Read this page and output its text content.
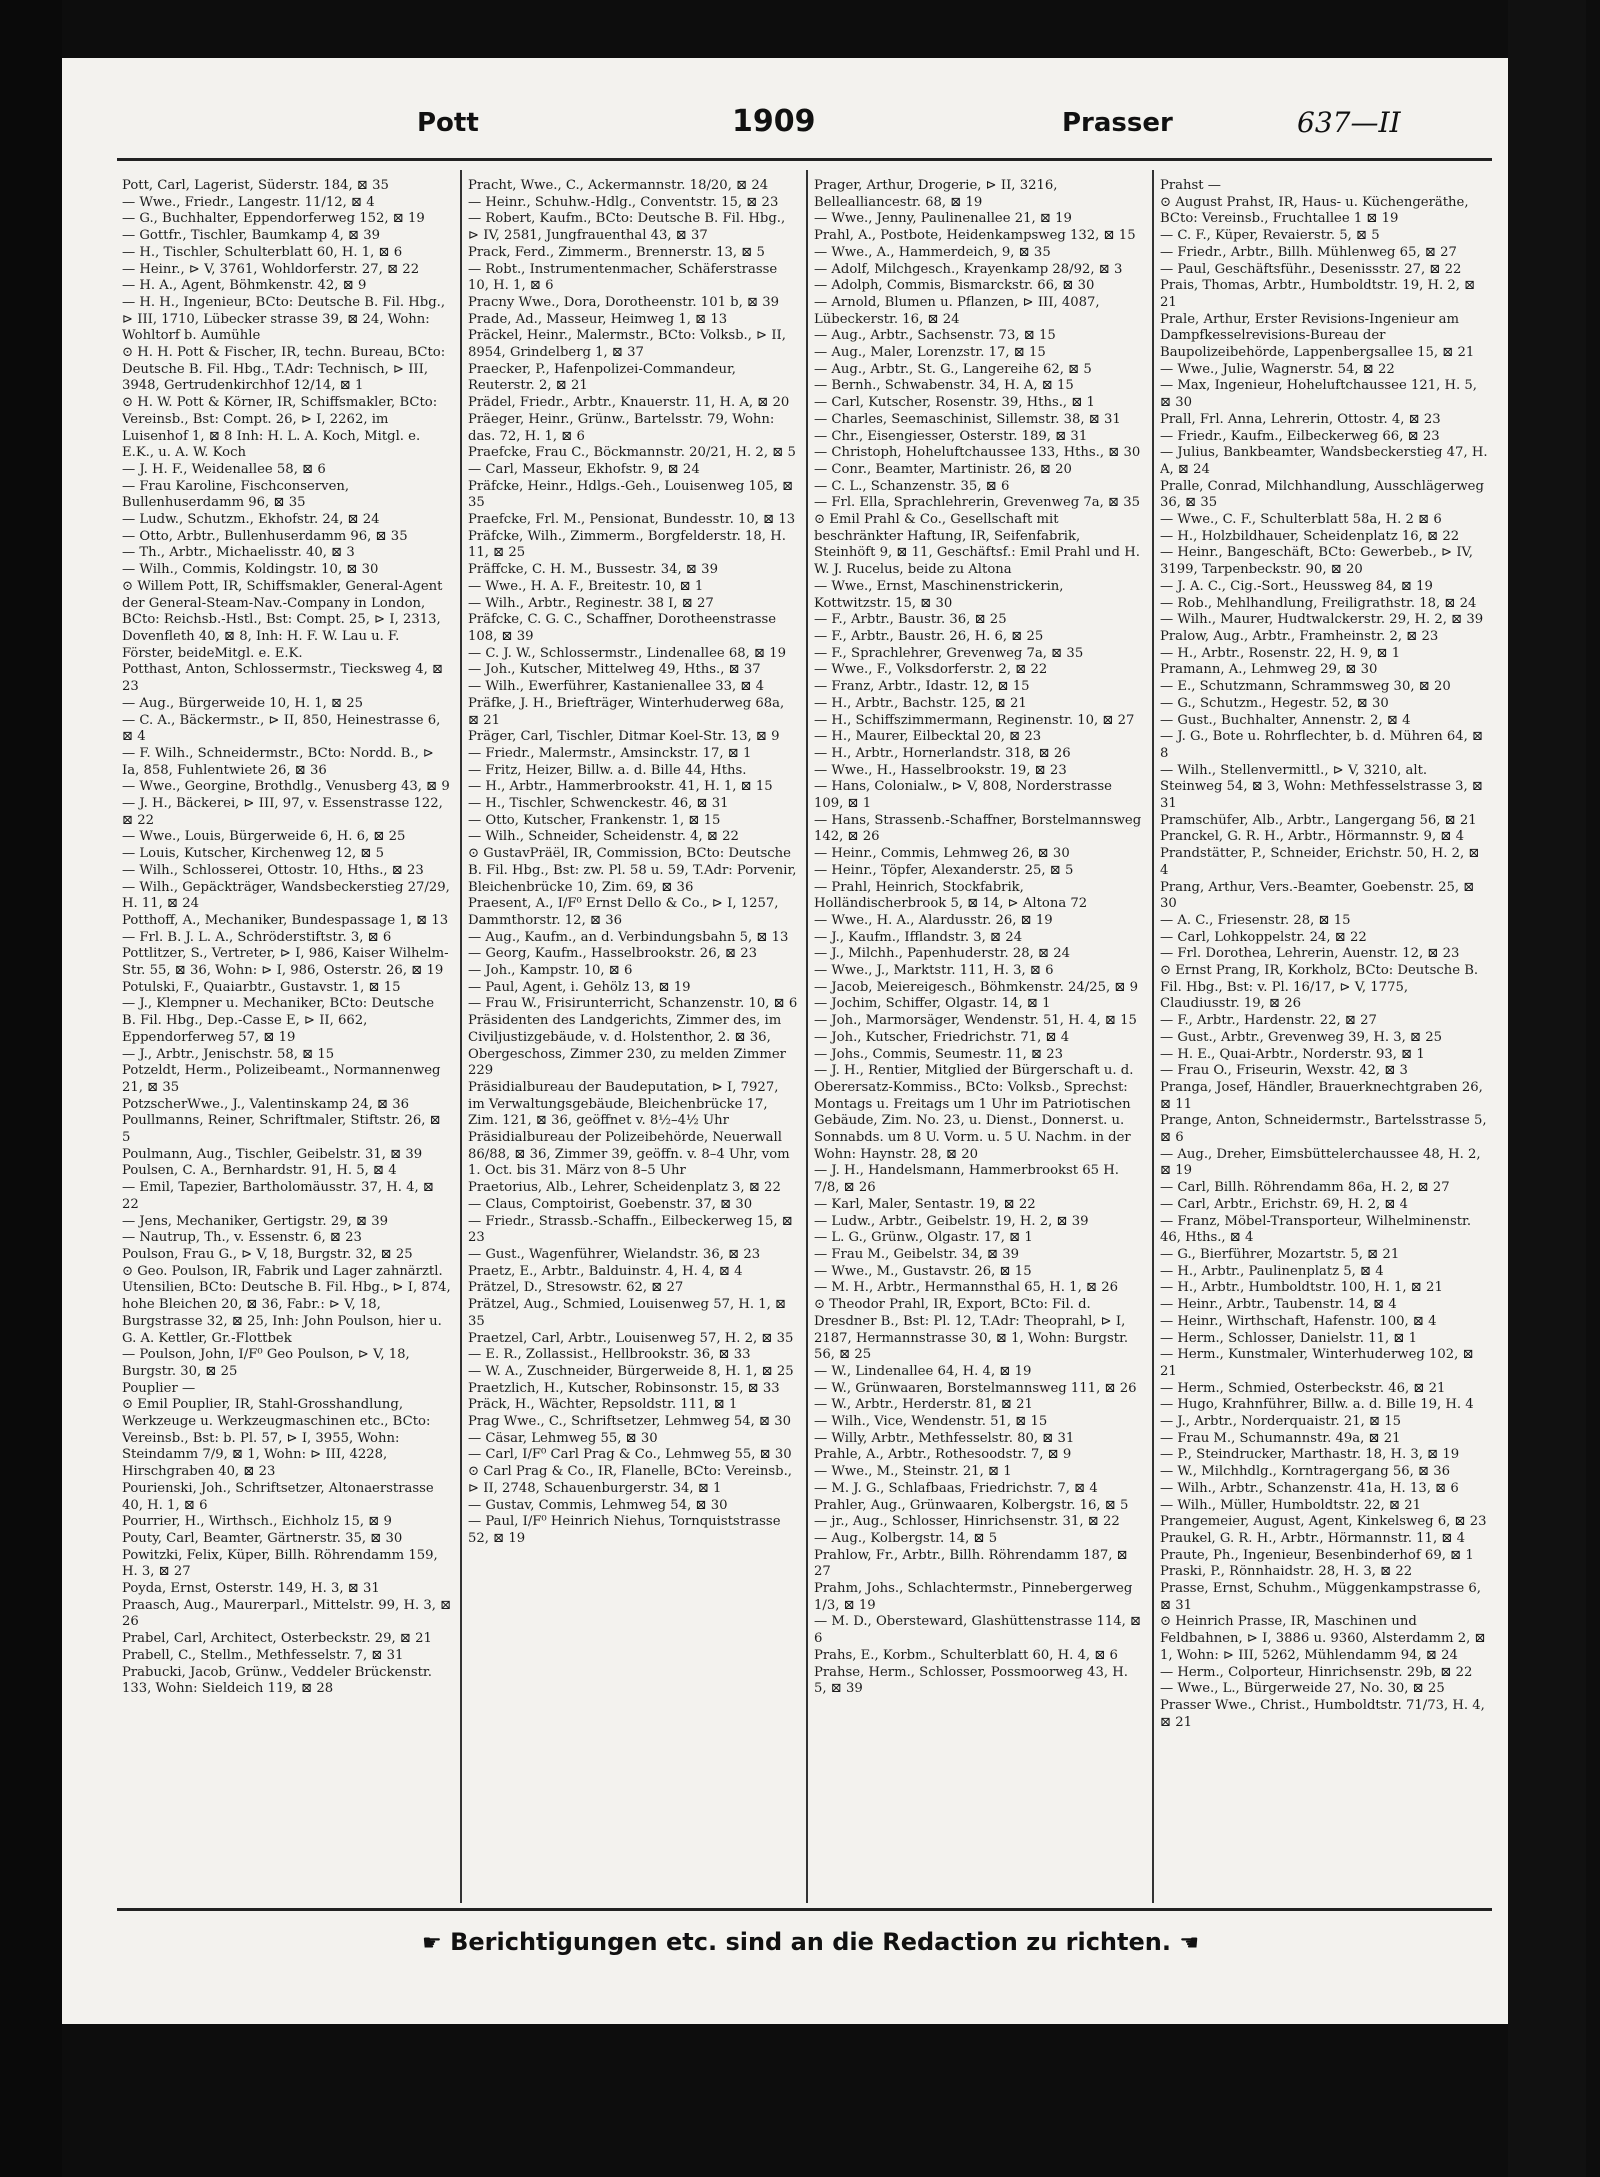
Pott	1909	Prasser	637—II

Pott, Carl, Lagerist, Süderstr. 184, ⊠ 35

— Wwe., Friedr., Langestr. 11/12, ⊠ 4

— G., Buchhalter, Eppendorferweg 152, ⊠ 19

— Gottfr., Tischler, Baumkamp 4, ⊠ 39

— H., Tischler, Schulterblatt 60, H. 1, ⊠ 6

— Heinr., ⊳ V, 3761, Wohldorferstr. 27, ⊠ 22

— H. A., Agent, Böhmkenstr. 42, ⊠ 9

— H. H., Ingenieur, BCto: Deutsche B. Fil. Hbg., ⊳ III, 1710, Lübecker strasse 39, ⊠ 24, Wohn: Wohltorf b. Aumühle

⊙ H. H. Pott & Fischer, IR, techn. Bureau, BCto: Deutsche B. Fil. Hbg., T.Adr: Technisch, ⊳ III, 3948, Gertrudenkirchhof 12/14, ⊠ 1

⊙ H. W. Pott & Körner, IR, Schiffsmakler, BCto: Vereinsb., Bst: Compt. 26, ⊳ I, 2262, im Luisenhof 1, ⊠ 8 Inh: H. L. A. Koch, Mitgl. e. E.K., u. A. W. Koch

— J. H. F., Weidenallee 58, ⊠ 6

— Frau Karoline, Fischconserven, Bullenhuserdamm 96, ⊠ 35

— Ludw., Schutzm., Ekhofstr. 24, ⊠ 24

— Otto, Arbtr., Bullenhuserdamm 96, ⊠ 35

— Th., Arbtr., Michaelisstr. 40, ⊠ 3

— Wilh., Commis, Koldingstr. 10, ⊠ 30

⊙ Willem Pott, IR, Schiffsmakler, General-Agent der General-Steam-Nav.-Company in London, BCto: Reichsb.-Hstl., Bst: Compt. 25, ⊳ I, 2313, Dovenfleth 40, ⊠ 8, Inh: H. F. W. Lau u. F. Förster, beideMitgl. e. E.K.

Potthast, Anton, Schlossermstr., Tiecksweg 4, ⊠ 23

— Aug., Bürgerweide 10, H. 1, ⊠ 25

— C. A., Bäckermstr., ⊳ II, 850, Heinestrasse 6, ⊠ 4

— F. Wilh., Schneidermstr., BCto: Nordd. B., ⊳ Ia, 858, Fuhlentwiete 26, ⊠ 36

— Wwe., Georgine, Brothdlg., Venusberg 43, ⊠ 9

— J. H., Bäckerei, ⊳ III, 97, v. Essenstrasse 122, ⊠ 22

— Wwe., Louis, Bürgerweide 6, H. 6, ⊠ 25

— Louis, Kutscher, Kirchenweg 12, ⊠ 5

— Wilh., Schlosserei, Ottostr. 10, Hths., ⊠ 23

— Wilh., Gepäckträger, Wandsbeckerstieg 27/29, H. 11, ⊠ 24

Potthoff, A., Mechaniker, Bundespassage 1, ⊠ 13

— Frl. B. J. L. A., Schröderstiftstr. 3, ⊠ 6

Pottlitzer, S., Vertreter, ⊳ I, 986, Kaiser Wilhelm-Str. 55, ⊠ 36, Wohn: ⊳ I, 986, Osterstr. 26, ⊠ 19

Potulski, F., Quaiarbtr., Gustavstr. 1, ⊠ 15

— J., Klempner u. Mechaniker, BCto: Deutsche B. Fil. Hbg., Dep.-Casse E, ⊳ II, 662, Eppendorferweg 57, ⊠ 19

— J., Arbtr., Jenischstr. 58, ⊠ 15

Potzeldt, Herm., Polizeibeamt., Normannenweg 21, ⊠ 35

PotzscherWwe., J., Valentinskamp 24, ⊠ 36

Poullmanns, Reiner, Schriftmaler, Stiftstr. 26, ⊠ 5

Poulmann, Aug., Tischler, Geibelstr. 31, ⊠ 39

Poulsen, C. A., Bernhardstr. 91, H. 5, ⊠ 4

— Emil, Tapezier, Bartholomäusstr. 37, H. 4, ⊠ 22

— Jens, Mechaniker, Gertigstr. 29, ⊠ 39

— Nautrup, Th., v. Essenstr. 6, ⊠ 23

Poulson, Frau G., ⊳ V, 18, Burgstr. 32, ⊠ 25

⊙ Geo. Poulson, IR, Fabrik und Lager zahnärztl. Utensilien, BCto: Deutsche B. Fil. Hbg., ⊳ I, 874, hohe Bleichen 20, ⊠ 36, Fabr.: ⊳ V, 18, Burgstrasse 32, ⊠ 25, Inh: John Poulson, hier u. G. A. Kettler, Gr.-Flottbek

— Poulson, John, I/F⁰ Geo Poulson, ⊳ V, 18, Burgstr. 30, ⊠ 25

Pouplier —

⊙ Emil Pouplier, IR, Stahl-Grosshandlung, Werkzeuge u. Werkzeugmaschinen etc., BCto: Vereinsb., Bst: b. Pl. 57, ⊳ I, 3955, Wohn: Steindamm 7/9, ⊠ 1, Wohn: ⊳ III, 4228, Hirschgraben 40, ⊠ 23

Pourienski, Joh., Schriftsetzer, Altonaerstrasse 40, H. 1, ⊠ 6

Pourrier, H., Wirthsch., Eichholz 15, ⊠ 9

Pouty, Carl, Beamter, Gärtnerstr. 35, ⊠ 30

Powitzki, Felix, Küper, Billh. Röhrendamm 159, H. 3, ⊠ 27

Poyda, Ernst, Osterstr. 149, H. 3, ⊠ 31

Praasch, Aug., Maurerparl., Mittelstr. 99, H. 3, ⊠ 26

Prabel, Carl, Architect, Osterbeckstr. 29, ⊠ 21

Prabell, C., Stellm., Methfesselstr. 7, ⊠ 31

Prabucki, Jacob, Grünw., Veddeler Brückenstr. 133, Wohn: Sieldeich 119, ⊠ 28

Pracht, Wwe., C., Ackermannstr. 18/20, ⊠ 24

— Heinr., Schuhw.-Hdlg., Conventstr. 15, ⊠ 23

— Robert, Kaufm., BCto: Deutsche B. Fil. Hbg., ⊳ IV, 2581, Jungfrauenthal 43, ⊠ 37

Prack, Ferd., Zimmerm., Brennerstr. 13, ⊠ 5

— Robt., Instrumentenmacher, Schäferstrasse 10, H. 1, ⊠ 6

Pracny Wwe., Dora, Dorotheenstr. 101 b, ⊠ 39

Prade, Ad., Masseur, Heimweg 1, ⊠ 13

Präckel, Heinr., Malermstr., BCto: Volksb., ⊳ II, 8954, Grindelberg 1, ⊠ 37

Praecker, P., Hafenpolizei-Commandeur, Reuterstr. 2, ⊠ 21

Prädel, Friedr., Arbtr., Knauerstr. 11, H. A, ⊠ 20

Präeger, Heinr., Grünw., Bartelsstr. 79, Wohn: das. 72, H. 1, ⊠ 6

Praefcke, Frau C., Böckmannstr. 20/21, H. 2, ⊠ 5

— Carl, Masseur, Ekhofstr. 9, ⊠ 24

Präfcke, Heinr., Hdlgs.-Geh., Louisenweg 105, ⊠ 35

Praefcke, Frl. M., Pensionat, Bundesstr. 10, ⊠ 13

Präfcke, Wilh., Zimmerm., Borgfelderstr. 18, H. 11, ⊠ 25

Präffcke, C. H. M., Bussestr. 34, ⊠ 39

— Wwe., H. A. F., Breitestr. 10, ⊠ 1

— Wilh., Arbtr., Reginestr. 38 I, ⊠ 27

Präfcke, C. G. C., Schaffner, Dorotheenstrasse 108, ⊠ 39

— C. J. W., Schlossermstr., Lindenallee 68, ⊠ 19

— Joh., Kutscher, Mittelweg 49, Hths., ⊠ 37

— Wilh., Ewerführer, Kastanienallee 33, ⊠ 4

Präfke, J. H., Briefträger, Winterhuderweg 68a, ⊠ 21

Präger, Carl, Tischler, Ditmar Koel-Str. 13, ⊠ 9

— Friedr., Malermstr., Amsinckstr. 17, ⊠ 1

— Fritz, Heizer, Billw. a. d. Bille 44, Hths.

— H., Arbtr., Hammerbrookstr. 41, H. 1, ⊠ 15

— H., Tischler, Schwenckestr. 46, ⊠ 31

— Otto, Kutscher, Frankenstr. 1, ⊠ 15

— Wilh., Schneider, Scheidenstr. 4, ⊠ 22

⊙ GustavPräël, IR, Commission, BCto: Deutsche B. Fil. Hbg., Bst: zw. Pl. 58 u. 59, T.Adr: Porvenir, Bleichenbrücke 10, Zim. 69, ⊠ 36

Praesent, A., I/F⁰ Ernst Dello & Co., ⊳ I, 1257, Dammthorstr. 12, ⊠ 36

— Aug., Kaufm., an d. Verbindungsbahn 5, ⊠ 13

— Georg, Kaufm., Hasselbrookstr. 26, ⊠ 23

— Joh., Kampstr. 10, ⊠ 6

— Paul, Agent, i. Gehölz 13, ⊠ 19

— Frau W., Frisirunterricht, Schanzenstr. 10, ⊠ 6

Präsidenten des Landgerichts, Zimmer des, im Civiljustizgebäude, v. d. Holstenthor, 2. ⊠ 36, Obergeschoss, Zimmer 230, zu melden Zimmer 229

Präsidialbureau der Baudeputation, ⊳ I, 7927, im Verwaltungsgebäude, Bleichenbrücke 17, Zim. 121, ⊠ 36, geöffnet v. 8½–4½ Uhr

Präsidialbureau der Polizeibehörde, Neuerwall 86/88, ⊠ 36, Zimmer 39, geöffn. v. 8–4 Uhr, vom 1. Oct. bis 31. März von 8–5 Uhr

Praetorius, Alb., Lehrer, Scheidenplatz 3, ⊠ 22

— Claus, Comptoirist, Goebenstr. 37, ⊠ 30

— Friedr., Strassb.-Schaffn., Eilbeckerweg 15, ⊠ 23

— Gust., Wagenführer, Wielandstr. 36, ⊠ 23

Praetz, E., Arbtr., Balduinstr. 4, H. 4, ⊠ 4

Prätzel, D., Stresowstr. 62, ⊠ 27

Prätzel, Aug., Schmied, Louisenweg 57, H. 1, ⊠ 35

Praetzel, Carl, Arbtr., Louisenweg 57, H. 2, ⊠ 35

— E. R., Zollassist., Hellbrookstr. 36, ⊠ 33

— W. A., Zuschneider, Bürgerweide 8, H. 1, ⊠ 25

Praetzlich, H., Kutscher, Robinsonstr. 15, ⊠ 33

Präck, H., Wächter, Repsoldstr. 111, ⊠ 1

Prag Wwe., C., Schriftsetzer, Lehmweg 54, ⊠ 30

— Cäsar, Lehmweg 55, ⊠ 30

— Carl, I/F⁰ Carl Prag & Co., Lehmweg 55, ⊠ 30

⊙ Carl Prag & Co., IR, Flanelle, BCto: Vereinsb., ⊳ II, 2748, Schauenburgerstr. 34, ⊠ 1

— Gustav, Commis, Lehmweg 54, ⊠ 30

— Paul, I/F⁰ Heinrich Niehus, Tornquiststrasse 52, ⊠ 19

Prager, Arthur, Drogerie, ⊳ II, 3216, Bellealliancestr. 68, ⊠ 19

— Wwe., Jenny, Paulinenallee 21, ⊠ 19

Prahl, A., Postbote, Heidenkampsweg 132, ⊠ 15

— Wwe., A., Hammerdeich, 9, ⊠ 35

— Adolf, Milchgesch., Krayenkamp 28/92, ⊠ 3

— Adolph, Commis, Bismarckstr. 66, ⊠ 30

— Arnold, Blumen u. Pflanzen, ⊳ III, 4087, Lübeckerstr. 16, ⊠ 24

— Aug., Arbtr., Sachsenstr. 73, ⊠ 15

— Aug., Maler, Lorenzstr. 17, ⊠ 15

— Aug., Arbtr., St. G., Langereihe 62, ⊠ 5

— Bernh., Schwabenstr. 34, H. A, ⊠ 15

— Carl, Kutscher, Rosenstr. 39, Hths., ⊠ 1

— Charles, Seemaschinist, Sillemstr. 38, ⊠ 31

— Chr., Eisengiesser, Osterstr. 189, ⊠ 31

— Christoph, Hoheluftchaussee 133, Hths., ⊠ 30

— Conr., Beamter, Martinistr. 26, ⊠ 20

— C. L., Schanzenstr. 35, ⊠ 6

— Frl. Ella, Sprachlehrerin, Grevenweg 7a, ⊠ 35

⊙ Emil Prahl & Co., Gesellschaft mit beschränkter Haftung, IR, Seifenfabrik, Steinhöft 9, ⊠ 11, Geschäftsf.: Emil Prahl und H. W. J. Rucelus, beide zu Altona

— Wwe., Ernst, Maschinenstrickerin, Kottwitzstr. 15, ⊠ 30

— F., Arbtr., Baustr. 36, ⊠ 25

— F., Arbtr., Baustr. 26, H. 6, ⊠ 25

— F., Sprachlehrer, Grevenweg 7a, ⊠ 35

— Wwe., F., Volksdorferstr. 2, ⊠ 22

— Franz, Arbtr., Idastr. 12, ⊠ 15

— H., Arbtr., Bachstr. 125, ⊠ 21

— H., Schiffszimmermann, Reginenstr. 10, ⊠ 27

— H., Maurer, Eilbecktal 20, ⊠ 23

— H., Arbtr., Hornerlandstr. 318, ⊠ 26

— Wwe., H., Hasselbrookstr. 19, ⊠ 23

— Hans, Colonialw., ⊳ V, 808, Norderstrasse 109, ⊠ 1

— Hans, Strassenb.-Schaffner, Borstelmannsweg 142, ⊠ 26

— Heinr., Commis, Lehmweg 26, ⊠ 30

— Heinr., Töpfer, Alexanderstr. 25, ⊠ 5

— Prahl, Heinrich, Stockfabrik, Holländischerbrook 5, ⊠ 14, ⊳ Altona 72

— Wwe., H. A., Alardusstr. 26, ⊠ 19

— J., Kaufm., Ifflandstr. 3, ⊠ 24

— J., Milchh., Papenhuderstr. 28, ⊠ 24

— Wwe., J., Marktstr. 111, H. 3, ⊠ 6

— Jacob, Meiereigesch., Böhmkenstr. 24/25, ⊠ 9

— Jochim, Schiffer, Olgastr. 14, ⊠ 1

— Joh., Marmorsäger, Wendenstr. 51, H. 4, ⊠ 15

— Joh., Kutscher, Friedrichstr. 71, ⊠ 4

— Johs., Commis, Seumestr. 11, ⊠ 23

— J. H., Rentier, Mitglied der Bürgerschaft u. d. Oberersatz-Kommiss., BCto: Volksb., Sprechst: Montags u. Freitags um 1 Uhr im Patriotischen Gebäude, Zim. No. 23, u. Dienst., Donnerst. u. Sonnabds. um 8 U. Vorm. u. 5 U. Nachm. in der Wohn: Haynstr. 28, ⊠ 20

— J. H., Handelsmann, Hammerbrookst 65 H. 7/8, ⊠ 26

— Karl, Maler, Sentastr. 19, ⊠ 22

— Ludw., Arbtr., Geibelstr. 19, H. 2, ⊠ 39

— L. G., Grünw., Olgastr. 17, ⊠ 1

— Frau M., Geibelstr. 34, ⊠ 39

— Wwe., M., Gustavstr. 26, ⊠ 15

— M. H., Arbtr., Hermannsthal 65, H. 1, ⊠ 26

⊙ Theodor Prahl, IR, Export, BCto: Fil. d. Dresdner B., Bst: Pl. 12, T.Adr: Theoprahl, ⊳ I, 2187, Hermannstrasse 30, ⊠ 1, Wohn: Burgstr. 56, ⊠ 25

— W., Lindenallee 64, H. 4, ⊠ 19

— W., Grünwaaren, Borstelmannsweg 111, ⊠ 26

— W., Arbtr., Herderstr. 81, ⊠ 21

— Wilh., Vice, Wendenstr. 51, ⊠ 15

— Willy, Arbtr., Methfesselstr. 80, ⊠ 31

Prahle, A., Arbtr., Rothesoodstr. 7, ⊠ 9

— Wwe., M., Steinstr. 21, ⊠ 1

— M. J. G., Schlafbaas, Friedrichstr. 7, ⊠ 4

Prahler, Aug., Grünwaaren, Kolbergstr. 16, ⊠ 5

— jr., Aug., Schlosser, Hinrichsenstr. 31, ⊠ 22

— Aug., Kolbergstr. 14, ⊠ 5

Prahlow, Fr., Arbtr., Billh. Röhrendamm 187, ⊠ 27

Prahm, Johs., Schlachtermstr., Pinnebergerweg 1/3, ⊠ 19

— M. D., Obersteward, Glashüttenstrasse 114, ⊠ 6

Prahs, E., Korbm., Schulterblatt 60, H. 4, ⊠ 6

Prahse, Herm., Schlosser, Possmoorweg 43, H. 5, ⊠ 39

Prahst —

⊙ August Prahst, IR, Haus- u. Küchengeräthe, BCto: Vereinsb., Fruchtallee 1 ⊠ 19

— C. F., Küper, Revaierstr. 5, ⊠ 5

— Friedr., Arbtr., Billh. Mühlenweg 65, ⊠ 27

— Paul, Geschäftsführ., Desenissstr. 27, ⊠ 22

Prais, Thomas, Arbtr., Humboldtstr. 19, H. 2, ⊠ 21

Prale, Arthur, Erster Revisions-Ingenieur am Dampfkesselrevisions-Bureau der Baupolizeibehörde, Lappenbergsallee 15, ⊠ 21

— Wwe., Julie, Wagnerstr. 54, ⊠ 22

— Max, Ingenieur, Hoheluftchaussee 121, H. 5, ⊠ 30

Prall, Frl. Anna, Lehrerin, Ottostr. 4, ⊠ 23

— Friedr., Kaufm., Eilbeckerweg 66, ⊠ 23

— Julius, Bankbeamter, Wandsbeckerstieg 47, H. A, ⊠ 24

Pralle, Conrad, Milchhandlung, Ausschlägerweg 36, ⊠ 35

— Wwe., C. F., Schulterblatt 58a, H. 2 ⊠ 6

— H., Holzbildhauer, Scheidenplatz 16, ⊠ 22

— Heinr., Bangeschäft, BCto: Gewerbeb., ⊳ IV, 3199, Tarpenbeckstr. 90, ⊠ 20

— J. A. C., Cig.-Sort., Heussweg 84, ⊠ 19

— Rob., Mehlhandlung, Freiligrathstr. 18, ⊠ 24

— Wilh., Maurer, Hudtwalckerstr. 29, H. 2, ⊠ 39

Pralow, Aug., Arbtr., Framheinstr. 2, ⊠ 23

— H., Arbtr., Rosenstr. 22, H. 9, ⊠ 1

Pramann, A., Lehmweg 29, ⊠ 30

— E., Schutzmann, Schrammsweg 30, ⊠ 20

— G., Schutzm., Hegestr. 52, ⊠ 30

— Gust., Buchhalter, Annenstr. 2, ⊠ 4

— J. G., Bote u. Rohrflechter, b. d. Mühren 64, ⊠ 8

— Wilh., Stellenvermittl., ⊳ V, 3210, alt. Steinweg 54, ⊠ 3, Wohn: Methfesselstrasse 3, ⊠ 31

Pramschüfer, Alb., Arbtr., Langergang 56, ⊠ 21

Pranckel, G. R. H., Arbtr., Hörmannstr. 9, ⊠ 4

Prandstätter, P., Schneider, Erichstr. 50, H. 2, ⊠ 4

Prang, Arthur, Vers.-Beamter, Goebenstr. 25, ⊠ 30

— A. C., Friesenstr. 28, ⊠ 15

— Carl, Lohkoppelstr. 24, ⊠ 22

— Frl. Dorothea, Lehrerin, Auenstr. 12, ⊠ 23

⊙ Ernst Prang, IR, Korkholz, BCto: Deutsche B. Fil. Hbg., Bst: v. Pl. 16/17, ⊳ V, 1775, Claudiusstr. 19, ⊠ 26

— F., Arbtr., Hardenstr. 22, ⊠ 27

— Gust., Arbtr., Grevenweg 39, H. 3, ⊠ 25

— H. E., Quai-Arbtr., Norderstr. 93, ⊠ 1

— Frau O., Friseurin, Wexstr. 42, ⊠ 3

Pranga, Josef, Händler, Brauerknechtgraben 26, ⊠ 11

Prange, Anton, Schneidermstr., Bartelsstrasse 5, ⊠ 6

— Aug., Dreher, Eimsbüttelerchaussee 48, H. 2, ⊠ 19

— Carl, Billh. Röhrendamm 86a, H. 2, ⊠ 27

— Carl, Arbtr., Erichstr. 69, H. 2, ⊠ 4

— Franz, Möbel-Transporteur, Wilhelminenstr. 46, Hths., ⊠ 4

— G., Bierführer, Mozartstr. 5, ⊠ 21

— H., Arbtr., Paulinenplatz 5, ⊠ 4

— H., Arbtr., Humboldtstr. 100, H. 1, ⊠ 21

— Heinr., Arbtr., Taubenstr. 14, ⊠ 4

— Heinr., Wirthschaft, Hafenstr. 100, ⊠ 4

— Herm., Schlosser, Danielstr. 11, ⊠ 1

— Herm., Kunstmaler, Winterhuderweg 102, ⊠ 21

— Herm., Schmied, Osterbeckstr. 46, ⊠ 21

— Hugo, Krahnführer, Billw. a. d. Bille 19, H. 4

— J., Arbtr., Norderquaistr. 21, ⊠ 15

— Frau M., Schumannstr. 49a, ⊠ 21

— P., Steindrucker, Marthastr. 18, H. 3, ⊠ 19

— W., Milchhdlg., Korntragergang 56, ⊠ 36

— Wilh., Arbtr., Schanzenstr. 41a, H. 13, ⊠ 6

— Wilh., Müller, Humboldtstr. 22, ⊠ 21

Prangemeier, August, Agent, Kinkelsweg 6, ⊠ 23

Praukel, G. R. H., Arbtr., Hörmannstr. 11, ⊠ 4

Praute, Ph., Ingenieur, Besenbinderhof 69, ⊠ 1

Praski, P., Rönnhaidstr. 28, H. 3, ⊠ 22

Prasse, Ernst, Schuhm., Müggenkampstrasse 6, ⊠ 31

⊙ Heinrich Prasse, IR, Maschinen und Feldbahnen, ⊳ I, 3886 u. 9360, Alsterdamm 2, ⊠ 1, Wohn: ⊳ III, 5262, Mühlendamm 94, ⊠ 24

— Herm., Colporteur, Hinrichsenstr. 29b, ⊠ 22

— Wwe., L., Bürgerweide 27, No. 30, ⊠ 25

Prasser Wwe., Christ., Humboldtstr. 71/73, H. 4, ⊠ 21

☛ Berichtigungen etc. sind an die Redaction zu richten. ☚
